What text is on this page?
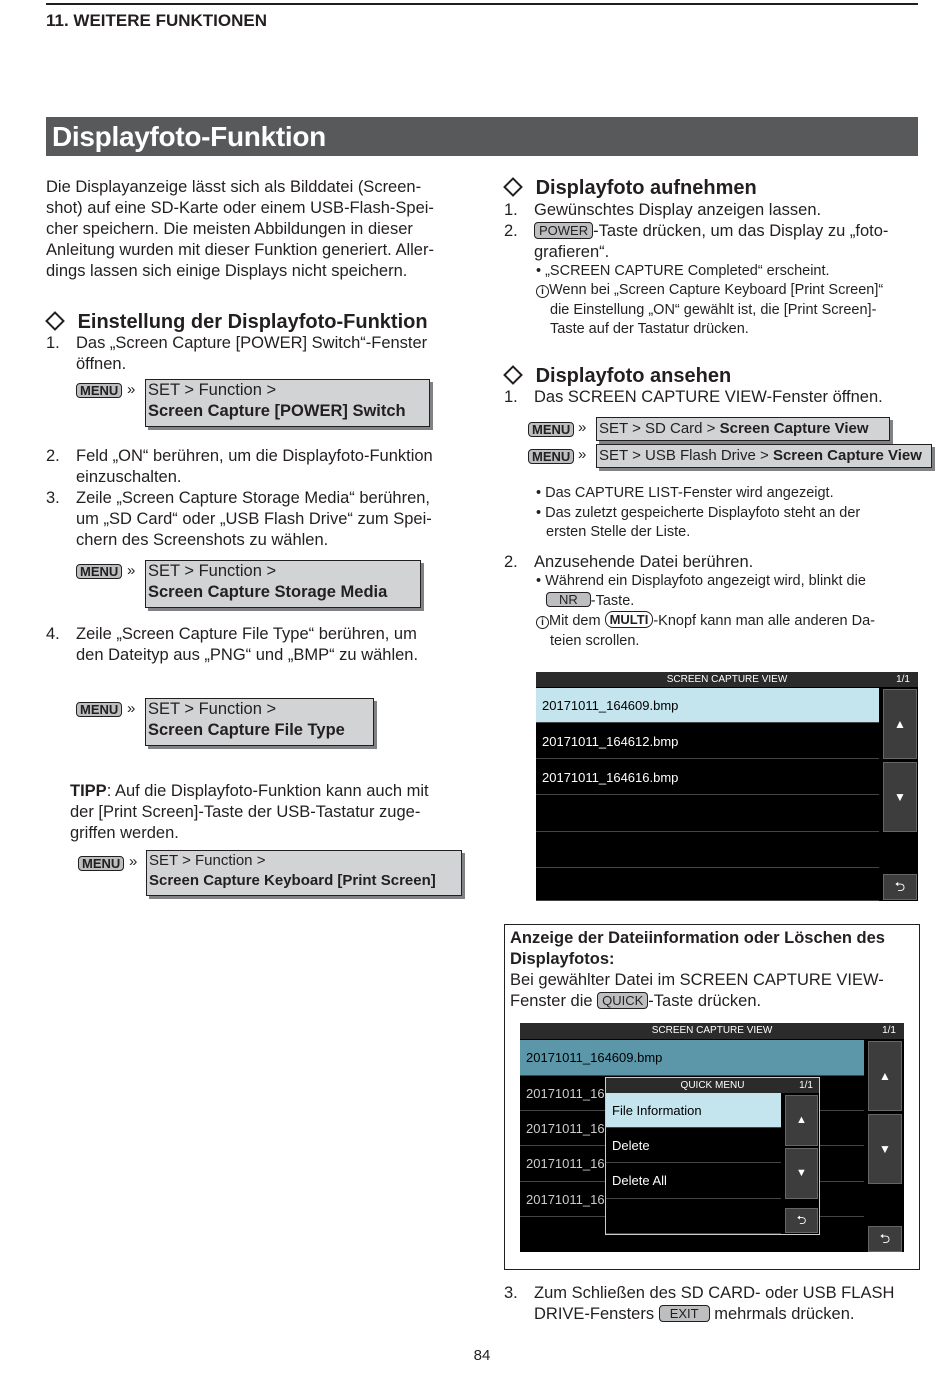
11. WEITERE FUNKTIONEN
Displayfoto-Funktion
Die Displayanzeige lässt sich als Bilddatei (Screen-
shot) auf eine SD-Karte oder einem USB-Flash-Spei-
cher speichern. Die meisten Abbildungen in dieser
Anleitung wurden mit dieser Funktion generiert. Aller-
dings lassen sich einige Displays nicht speichern.
Einstellung der Displayfoto-Funktion
1. Das „Screen Capture [POWER] Switch“-Fenster
öffnen.
MENU » SET > Function >
Screen Capture [POWER] Switch
2. Feld „ON“ berühren, um die Displayfoto-Funktion
einzuschalten.
3. Zeile „Screen Capture Storage Media“ berühren,
um „SD Card“ oder „USB Flash Drive“ zum Spei-
chern des Screenshots zu wählen.
MENU » SET > Function >
Screen Capture Storage Media
4. Zeile „Screen Capture File Type“ berühren, um
den Dateityp aus „PNG“ und „BMP“ zu wählen.
MENU » SET > Function >
Screen Capture File Type
TIPP: Auf die Displayfoto-Funktion kann auch mit
der [Print Screen]-Taste der USB-Tastatur zuge-
griffen werden.
MENU » SET > Function >
Screen Capture Keyboard [Print Screen]
Displayfoto aufnehmen
1. Gewünschtes Display anzeigen lassen.
2.	POWER -Taste drücken, um das Display zu „foto-
grafieren“.
• „SCREEN CAPTURE Completed“ erscheint.
i Wenn bei „Screen Capture Keyboard [Print Screen]“
die Einstellung „ON“ gewählt ist, die [Print Screen]-
Taste auf der Tastatur drücken.
Displayfoto ansehen
1. Das SCREEN CAPTURE VIEW-Fenster öffnen.
MENU » SET > SD Card > Screen Capture View
MENU » SET > USB Flash Drive > Screen Capture View
• Das CAPTURE LIST-Fenster wird angezeigt.
• Das zuletzt gespeicherte Displayfoto steht an der
ersten Stelle der Liste.
2. Anzusehende Datei berühren.
• Während ein Displayfoto angezeigt wird, blinkt die
NR -Taste.
i Mit dem MULTI -Knopf kann man alle anderen Da-
teien scrollen.
SCREEN CAPTURE VIEW	1/1
20171011_164609.bmp
20171011_164612.bmp
20171011_164616.bmp
▲
▼
⮌
Anzeige der Dateiinformation oder Löschen des
Displayfotos:
Bei gewählter Datei im SCREEN CAPTURE VIEW-
Fenster die QUICK -Taste drücken.
SCREEN CAPTURE VIEW	1/1
20171011_164609.bmp
20171011_16
20171011_16
20171011_16
20171011_16
▲
▼
⮌
QUICK MENU	1/1
File Information
Delete
Delete All
▲
▼
⮌
3. Zum Schließen des SD CARD- oder USB FLASH
DRIVE-Fensters EXIT mehrmals drücken.
84
